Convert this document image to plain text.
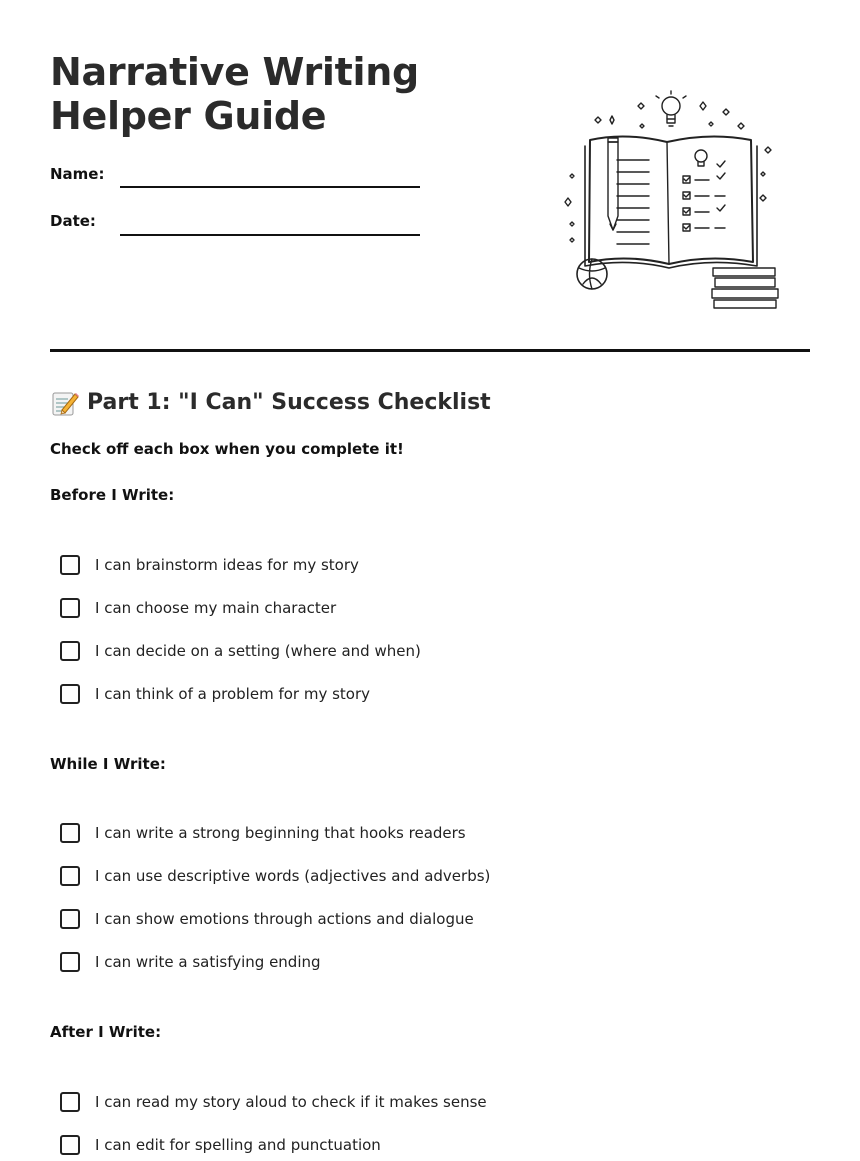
Narrative Writing
Helper Guide
Name:
Date:
Part 1: "I Can" Success Checklist
Check off each box when you complete it!
Before I Write:
I can brainstorm ideas for my story
I can choose my main character
I can decide on a setting (where and when)
I can think of a problem for my story
While I Write:
I can write a strong beginning that hooks readers
I can use descriptive words (adjectives and adverbs)
I can show emotions through actions and dialogue
I can write a satisfying ending
After I Write:
I can read my story aloud to check if it makes sense
I can edit for spelling and punctuation
